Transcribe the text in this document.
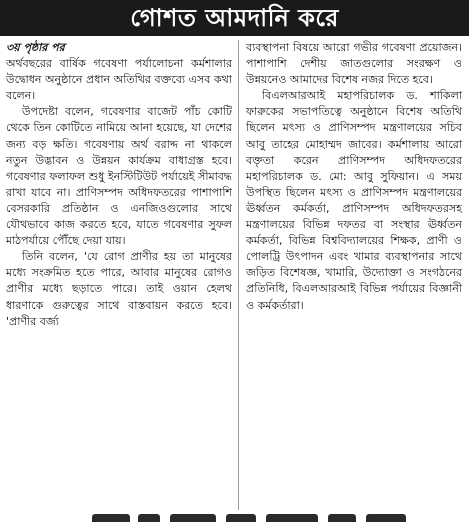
গোশত আমদানি করে
৩য় পৃষ্ঠার পর

অর্থবছরের বার্ষিক গবেষণা পর্যালোচনা কর্মশালার উদ্বোধন অনুষ্ঠানে প্রধান অতিথির বক্তব্যে এসব কথা বলেন।

উপদেষ্টা বলেন, গবেষণার বাজেট পাঁচ কোটি থেকে তিন কোটিতে নামিয়ে আনা হয়েছে, যা দেশের জন্য বড় ক্ষতি। গবেষণায় অর্থ বরাদ্দ না থাকলে নতুন উদ্ভাবন ও উন্নয়ন কার্যক্রম বাধাগ্রস্ত হবে। গবেষণার ফলাফল শুধু ইনস্টিটিউট পর্যায়েই সীমাবদ্ধ রাখা যাবে না। প্রাণিসম্পদ অধিদফতরের পাশাপাশি বেসরকারি প্রতিষ্ঠান ও এনজিওগুলোর সাথে যৌথভাবে কাজ করতে হবে, যাতে গবেষণার সুফল মাঠপর্যায়ে পৌঁছে দেয়া যায়।

তিনি বলেন, 'যে রোগ প্রাণীর হয় তা মানুষের মধ্যে সংক্রমিত হতে পারে, আবার মানুষের রোগও প্রাণীর মধ্যে ছড়াতে পারে। তাই ওয়ান হেলথ ধারণাকে গুরুত্বের সাথে বাস্তবায়ন করতে হবে। 'প্রাণীর বর্জ্য

ব্যবস্থাপনা বিষয়ে আরো গভীর গবেষণা প্রয়োজন। পাশাপাশি দেশীয় জাতগুলোর সংরক্ষণ ও উন্নয়নেও আমাদের বিশেষ নজর দিতে হবে।

বিএলআরআই মহাপরিচালক ড. শাকিলা ফারুকের সভাপতিত্বে অনুষ্ঠানে বিশেষ অতিথি ছিলেন মৎস্য ও প্রাণিসম্পদ মন্ত্রণালয়ের সচিব আবু তাহের মোহাম্মদ জাবের। কর্মশালায় আরো বক্তৃতা করেন প্রাণিসম্পদ অধিদফতরের মহাপরিচালক ড. মো: আবু সুফিয়ান। এ সময় উপস্থিত ছিলেন মৎস্য ও প্রাণিসম্পদ মন্ত্রণালয়ের ঊর্ধ্বতন কর্মকর্তা, প্রাণিসম্পদ অধিদফতরসহ মন্ত্রণালয়ের বিভিন্ন দফতর বা সংস্থার ঊর্ধ্বতন কর্মকর্তা, বিভিন্ন বিশ্ববিদ্যালয়ের শিক্ষক, প্রাণী ও পোলট্রি উৎপাদন এবং খামার ব্যবস্থাপনার সাথে জড়িত বিশেষজ্ঞ, খামারি, উদ্যোক্তা ও সংগঠনের প্রতিনিধি, বিএলআরআই বিভিন্ন পর্যায়ের বিজ্ঞানী ও কর্মকর্তারা।
